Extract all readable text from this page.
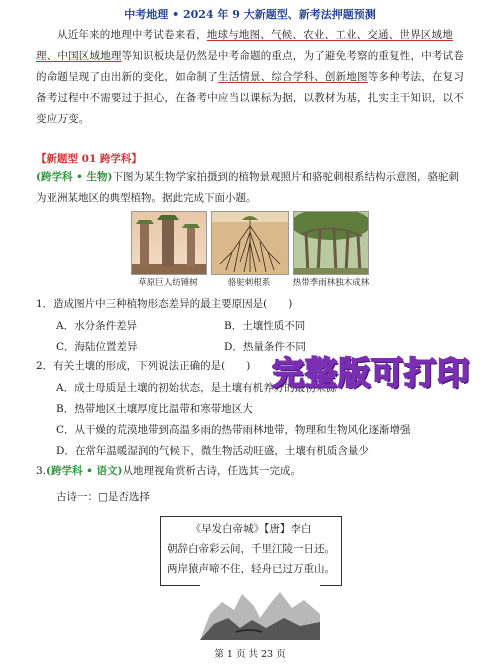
中考地理 • 2024 年 9 大新题型、新考法押题预测
从近年来的地理中考试卷来看，地球与地图、气候、农业、工业、交通、世界区域地理、中国区域地理等知识板块是仍然是中考命题的重点，为了避免考察的重复性，中考试卷的命题呈现了由出新的变化，如命制了生活情景、综合学科、创新地图等多种考法，在复习备考过程中不需要过于担心，在备考中应当以课标为据，以教材为基，扎实主干知识，以不变应万变。
【新题型 01 跨学科】
(跨学科 • 生物)下图为某生物学家拍摄到的植物景观照片和骆驼刺根系结构示意图，骆驼刺为亚洲某地区的典型植物。据此完成下面小题。
草原巨人纺锤树	骆驼刺根系	热带季雨林独木成林
1．造成图片中三种植物形态差异的最主要原因是(　　)
A．水分条件差异	B．土壤性质不同
C．海陆位置差异	D．热量条件不同
2．有关土壤的形成，下列说法正确的是(　　)
A．成土母质是土壤的初始状态，是土壤有机养分的最初来源
B．热带地区土壤厚度比温带和寒带地区大
C．从干燥的荒漠地带到高温多雨的热带雨林地带，物理和生物风化逐渐增强
D．在常年温暖湿润的气候下，微生物活动旺盛，土壤有机质含量少
完整版可打印
3.(跨学科 • 语文)从地理视角赏析古诗，任选其一完成。
古诗一：□是否选择
《早发白帝城》【唐】李白
朝辞白帝彩云间，千里江陵一日还。
两岸猿声啼不住，轻舟已过万重山。
第 1 页 共 23 页
